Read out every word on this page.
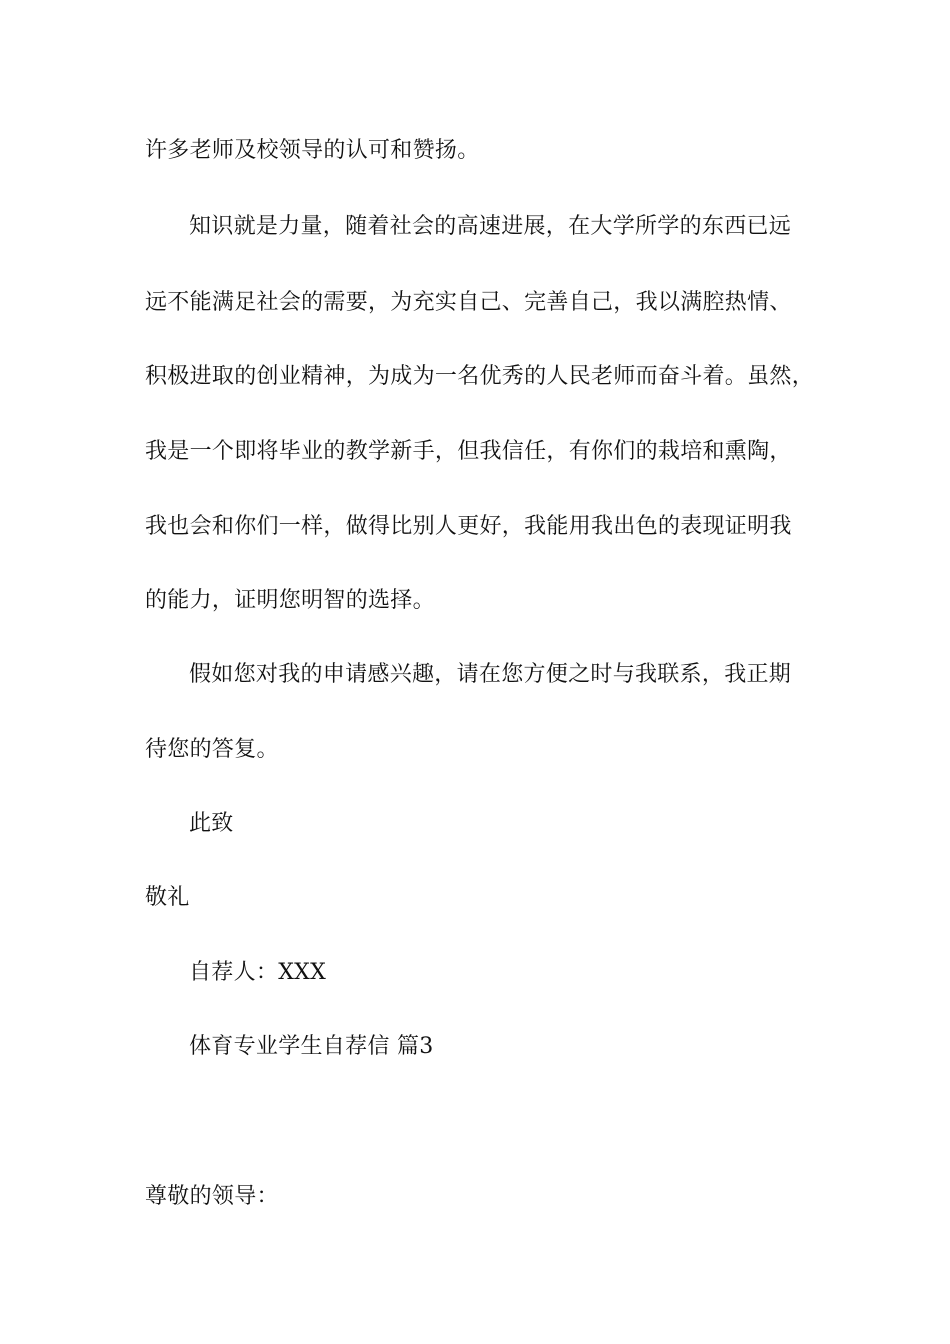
许多老师及校领导的认可和赞扬。
知识就是力量，随着社会的高速进展，在大学所学的东西已远
远不能满足社会的需要，为充实自己、完善自己，我以满腔热情、
积极进取的创业精神，为成为一名优秀的人民老师而奋斗着。虽然，
我是一个即将毕业的教学新手，但我信任，有你们的栽培和熏陶，
我也会和你们一样，做得比别人更好，我能用我出色的表现证明我
的能力，证明您明智的选择。
假如您对我的申请感兴趣，请在您方便之时与我联系，我正期
待您的答复。
此致
敬礼
自荐人：XXX
体育专业学生自荐信 篇3
尊敬的领导：
